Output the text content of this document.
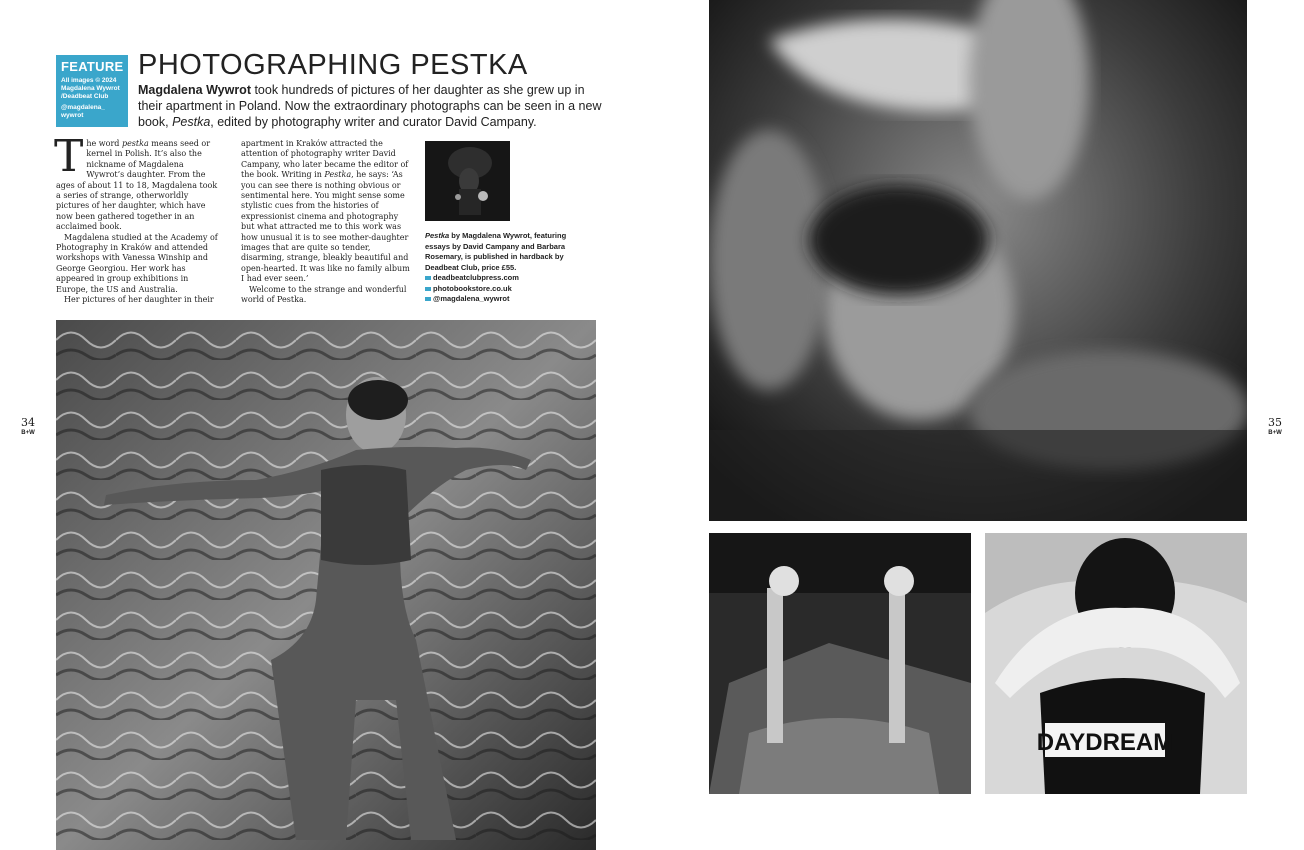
FEATURE
All images © 2024 Magdalena Wywrot /Deadbeat Club
@magdalena_ wywrot
PHOTOGRAPHING PESTKA
Magdalena Wywrot took hundreds of pictures of her daughter as she grew up in their apartment in Poland. Now the extraordinary photographs can be seen in a new book, Pestka, edited by photography writer and curator David Campany.

The word pestka means seed or kernel in Polish. It’s also the nickname of Magdalena Wywrot’s daughter. From the ages of about 11 to 18, Magdalena took a series of strange, otherworldly pictures of her daughter, which have now been gathered together in an acclaimed book.

Magdalena studied at the Academy of Photography in Kraków and attended workshops with Vanessa Winship and George Georgiou. Her work has appeared in group exhibitions in Europe, the US and Australia.

Her pictures of her daughter in their

apartment in Kraków attracted the attention of photography writer David Campany, who later became the editor of the book. Writing in Pestka, he says: ‘As you can see there is nothing obvious or sentimental here. You might sense some stylistic cues from the histories of expressionist cinema and photography but what attracted me to this work was how unusual it is to see mother-daughter images that are quite so tender, disarming, strange, bleakly beautiful and open-hearted. It was like no family album I had ever seen.’

Welcome to the strange and wonderful world of Pestka.

Pestka by Magdalena Wywrot, featuring essays by David Campany and Barbara Rosemary, is published in hardback by Deadbeat Club, price £55.
deadbeatclubpress.com
photobookstore.co.uk
@magdalena_wywrot
34
B+W
35
B+W
DAYDREAM
